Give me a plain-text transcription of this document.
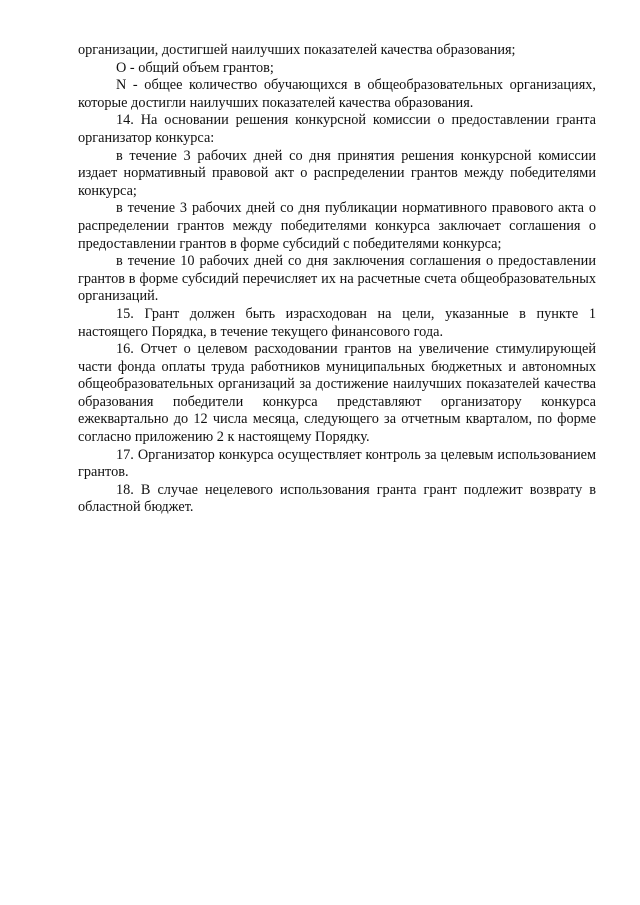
организации, достигшей наилучших показателей качества образования;

О - общий объем грантов;

N - общее количество обучающихся в общеобразовательных организациях, которые достигли наилучших показателей качества образования.

14. На основании решения конкурсной комиссии о предоставлении гранта организатор конкурса:

в течение 3 рабочих дней со дня принятия решения конкурсной комиссии издает нормативный правовой акт о распределении грантов между победителями конкурса;

в течение 3 рабочих дней со дня публикации нормативного правового акта о распределении грантов между победителями конкурса заключает соглашения о предоставлении грантов в форме субсидий с победителями конкурса;

в течение 10 рабочих дней со дня заключения соглашения о предоставлении грантов в форме субсидий перечисляет их на расчетные счета общеобразовательных организаций.

15. Грант должен быть израсходован на цели, указанные в пункте 1 настоящего Порядка, в течение текущего финансового года.

16. Отчет о целевом расходовании грантов на увеличение стимулирующей части фонда оплаты труда работников муниципальных бюджетных и автономных общеобразовательных организаций за достижение наилучших показателей качества образования победители конкурса представляют организатору конкурса ежеквартально до 12 числа месяца, следующего за отчетным кварталом, по форме согласно приложению 2 к настоящему Порядку.

17. Организатор конкурса осуществляет контроль за целевым использованием грантов.

18. В случае нецелевого использования гранта грант подлежит возврату в областной бюджет.
